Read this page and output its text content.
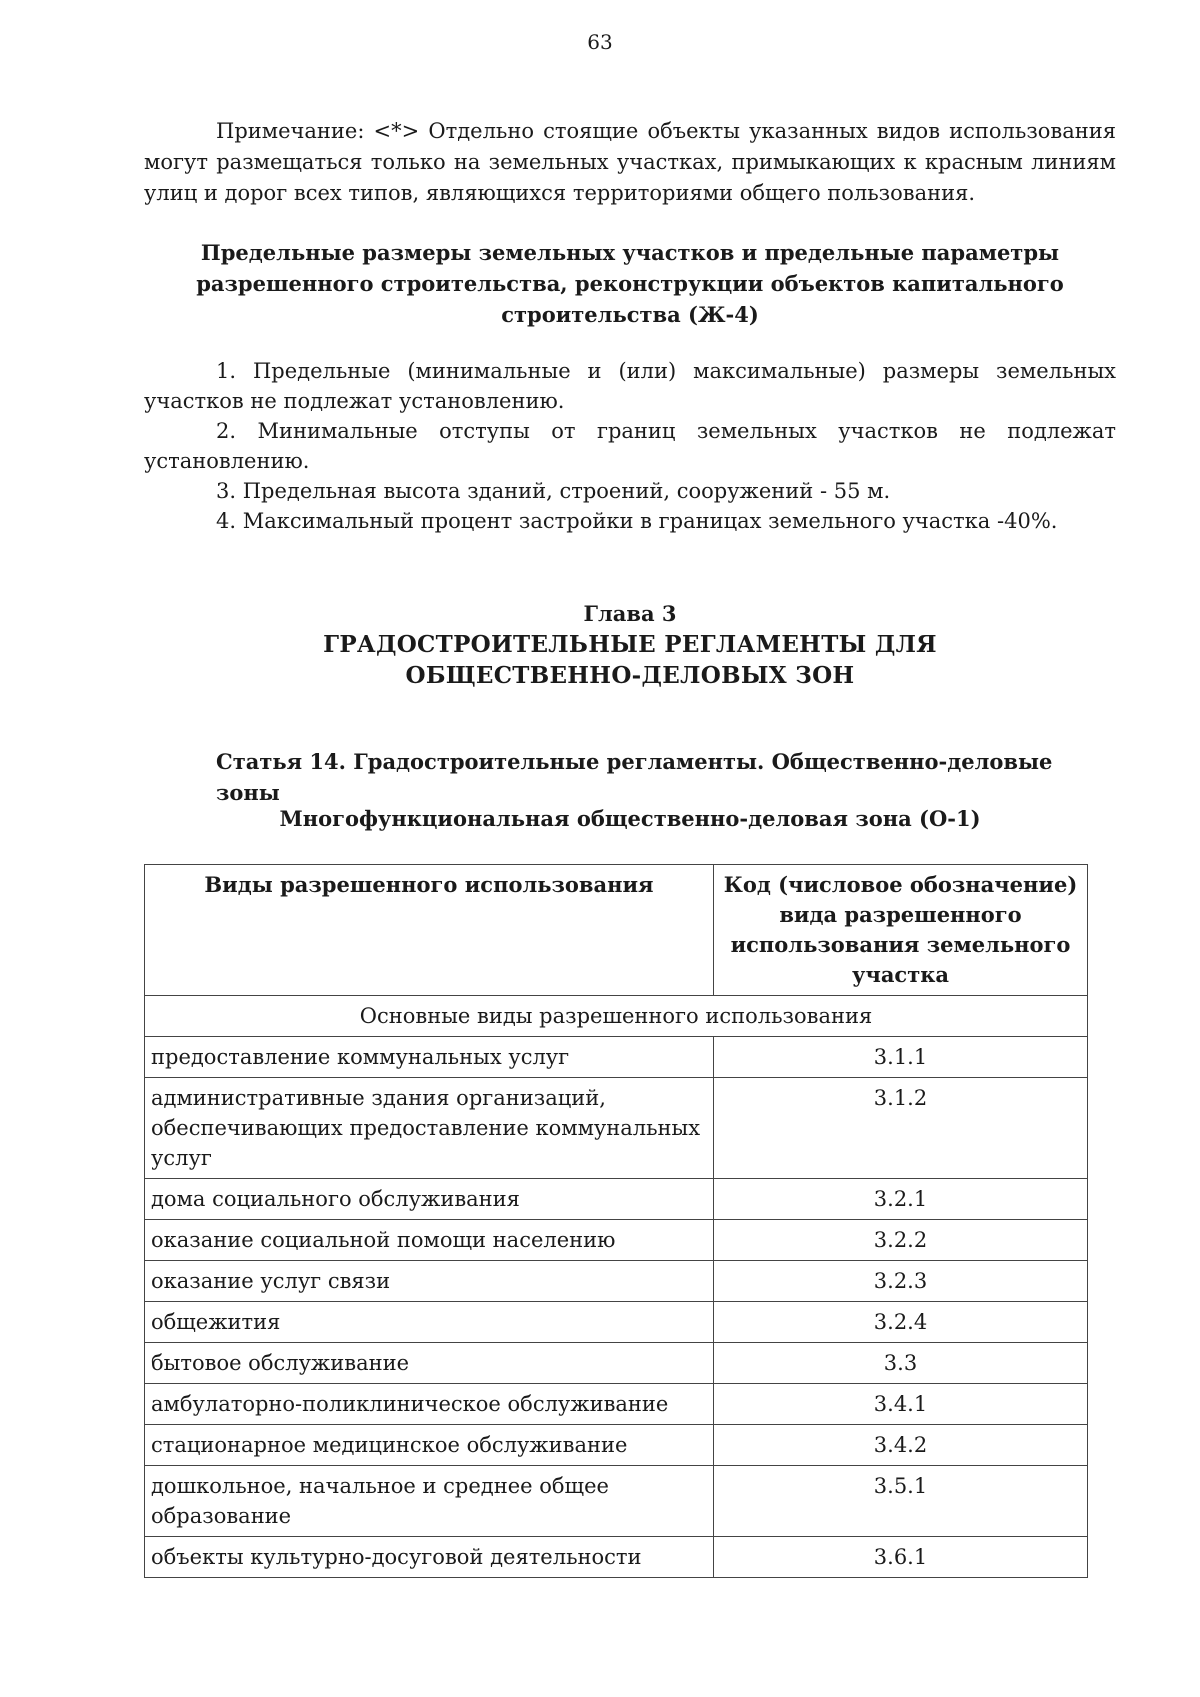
63
Примечание: <*> Отдельно стоящие объекты указанных видов использования могут размещаться только на земельных участках, примыкающих к красным линиям улиц и дорог всех типов, являющихся территориями общего пользования.
Предельные размеры земельных участков и предельные параметры разрешенного строительства, реконструкции объектов капитального строительства (Ж-4)
1. Предельные (минимальные и (или) максимальные) размеры земельных участков не подлежат установлению.
2. Минимальные отступы от границ земельных участков не подлежат установлению.
3. Предельная высота зданий, строений, сооружений - 55 м.
4. Максимальный процент застройки в границах земельного участка -40%.
Глава 3
ГРАДОСТРОИТЕЛЬНЫЕ РЕГЛАМЕНТЫ ДЛЯ
ОБЩЕСТВЕННО-ДЕЛОВЫХ ЗОН
Статья 14. Градостроительные регламенты. Общественно-деловые зоны
Многофункциональная общественно-деловая зона (О-1)
Виды разрешенного использования	Код (числовое обозначение) вида разрешенного использования земельного участка
Основные виды разрешенного использования	
предоставление коммунальных услуг	3.1.1
административные здания организаций, обеспечивающих предоставление коммунальных услуг	3.1.2
дома социального обслуживания	3.2.1
оказание социальной помощи населению	3.2.2
оказание услуг связи	3.2.3
общежития	3.2.4
бытовое обслуживание	3.3
амбулаторно-поликлиническое обслуживание	3.4.1
стационарное медицинское обслуживание	3.4.2
дошкольное, начальное и среднее общее образование	3.5.1
объекты культурно-досуговой деятельности	3.6.1
